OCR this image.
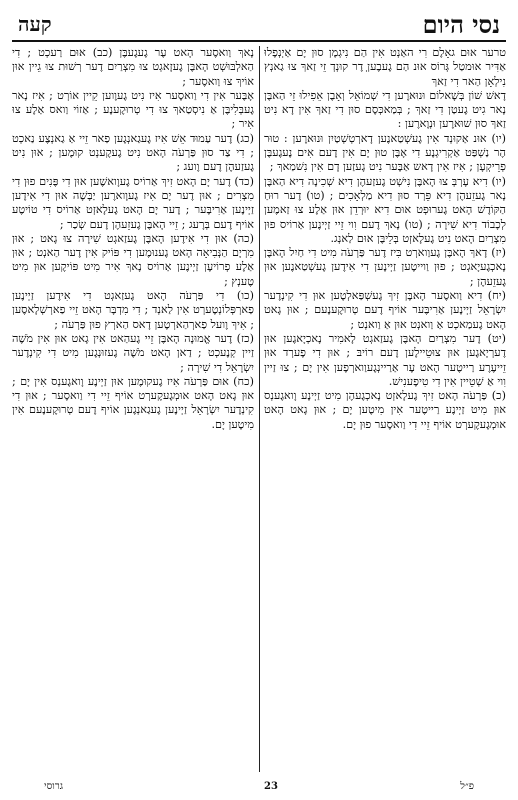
קעה	נסי היום

טרער אוּם גאָלֶם רִי האַנְט אִין הַם נִיגְמֶן סוּן יָם אַיְנְפֶלוּ אַדִּיר אוּמטַל גְּרוֹס אוּנ הַם גֶעבֶעןְ דֶר קוּנְדְ זֵי זַאךְ צוּ גַאנְץ נִילְאָן הַאר דִי זַאךְ

דָאשׁ שׁוֹן בְּשָׁאלוֹם וּנוּארֶען דִי שְׁמוֹאֵל וְאָבֶן אֵפִילוּ זֵי הַאבֶּן נָאר גִיט גֶעטַן דִי זַאךְ ; בְּמַאכְּסֶם סוּן דִי זַאךְ אִין דָא נִיט זַאךְ סוּן שׁוּארֶען וּנְוֶארֶען :

(יו) אוּנ אַקוּנְד אִין גֶעשְׁטַאנֶען דָארְטְשְׁטַיִן וּנוּארֶען : טוּר הֶר נַשְׁפַּט אַקְרִיגְנֶע דִי אָבֶּן טוּן יָם אִין דֶעם אִים נֶעגֶעבֶּן פְרֵיקְעָן ; אִיז אִין דָאש אַבֶּער נִיט גָעזַען דָם אִין נִשׁמַאךְ ;

(יו) דִיא עָרְבְּ צוּ הָאבֶּן נִישְׁט גֶעזַעהֶן דִיא שְׁכִינָה דִיא הַאבֶּן נָאר גֶעזֵעהֶן דִיא פֵּרְד סוּן דִיא מַלְאָכִים ; (טו) דֶער רוּחַ הַקּוֹדֶשׁ הָאט גֶערוּפְט אוּם דִיא יוּרְדֵן אוּן אַלֶע צוּ זַאמֶען לְכָבוֹד דִיא שִׁירָה ; (טו) נָאךְ דֶעם וִוי זֵיי זַיְינֶען אַרוֹיס פוּן מִצְרַיִם הָאט נִיט גֶעלָאזְט בְּלֵיבֶּן אוּם לַאנְג.

(יז) דָאךְ הָאבֶּן גֶעוַוארְט בִּיז דֶער פַּרְעֹה מִיט דִי חַיִל הָאבֶּן נָאכְגֶעיָאגְט ; פוּן וַוייטֶען זַיְינֶען דִי אִידֶען גֶעשְׁטַאנֶען אוּן גֶעזֵעהֶן ;

(יח) דִיא וַואסֶער הָאבֶּן זִיךְ גֶעשְׁפַּאלְטֶען אוּן דִי קִינְדֶער יִשְׂרָאֵל זַיְינֶען אַרִיבֶּער אוֹיף דֶעם טְרוּקֶענֶעם ; אוּן גָאט הָאט גֶעמַאכְט אַ וַואנְט אוּן אַ וַואנְט ;

(יט) דֶער מִצְרַיִם הָאבֶּן גֶעזַאגְט לָאמִיר נָאכְיָאגֶען אוּן דֶערְיָאגֶען אוּן צוּטֵיילֶען דֶעם רוֹיבּ ; אוּן דִי פֶערְד אוּן זֵייעֶרֶע רַייטֶער הָאט עֶר אַרַיינְגֶעוַוארְפֶען אִין יָם ; צוּ זַיין וִוי אַ שְׁטֵיין אִין דִי טִיפֶענִישׁ.

(כ) פַּרְעֹה הָאט זִיךְ גֶעלָאזְט נָאכְגֶעהֶן מִיט זַיְינֶע וָואגֶענְס אוּן מִיט זַיְינֶע רַייטֶער אִין מִיטֶען יָם ; אוּן גָאט הָאט אוּמְגֶעקֶערְט אוֹיף זֵיי דִי וַואסֶער פוּן יָם.

נָאךְ וַואסֶער הָאט עֶר גֶעגֶעבֶּן (כב) אוּם רַעכְט ; דִי הַאלְבּוּשְׁט הָאבֶּן גֶעזָאגְט צוּ מִצְרַיִם דֶער רְשׁוּת צוּ גֵיין אוּן אוֹיךְ צוּ וַואסֶער ;

אָבֶּער אִין דִי וַואסֶער אִיז נִיט גֶעוֶוען קֵיין אוֹרְט ; אִיז נָאר גֶעבְּלִיבֶּן אַ נִיסְטַאךְ צוּ דִי טְרוּקֶענֶע ; אַזוֹי וַואס אַלֶע צוּ אִיר ;

(כג) דֶער עַמוּד אֵשׁ אִיז גֶעגַאנְגֶען פַאר זֵיי אַ גַאנְצֶע נַאכְט ; דִי צַד סוּן פַּרְעֹה הָאט נִיט גֶעקֶענְט קוּמֶען ; אוּן נִיט גֶעזַעהֶן דֶעם וֶועג ;

(כד) דֶער יָם הָאט זִיךְ אַרוֹיס גֶעוָואשֶׁען אוּן דִי פֶּנִים פוּן דִי מִצְרִים ; אוּן דֶער יָם אִיז גֶעוָוארֶען יַבָּשָׁה אוּן דִי אִידֶען זַיְינֶען אַרִיבֶּער ; דֶער יָם הָאט גֶעלָאזְט אַרוֹיס דִי טוֹיטֶע אוֹיף דֶעם בְּרָעג ; זֵיי הָאבֶּן גֶעזֵעהֶן דֶעם שְׂכַר ;

(כה) אוּן דִי אִידֶען הָאבֶּן גֶעזַאגְט שִׁירָה צוּ גָאט ; אוּן מִרְיָם הַנְּבִיאָה הָאט גֶענוּמֶען דִי פּוֹיק אִין דֶער הַאנְט ; אוּן אַלֶע פְרוֹיעֶן זַיְינֶען אַרוֹיס נָאךְ אִיר מִיט פּוֹיקֶען אוּן מִיט טֶענְץ ;

(כו) דִי פַּרְעֹה הָאט גֶעזַאגְט דִי אִידֶען זַיְינֶען פַארְפְּלוֹנְטֶערְט אִין לַאנְד ; דִי מִדְבָּר הָאט זֵיי פַארְשְׁלָאסֶען ; אִיךְ וֶועל פַארְהַארְטֶען דָאס הַארְץ פוּן פַּרְעֹה ;

(כז) דֶער אֱמוּנָה הָאבֶּן זֵיי גֶעהַאט אִין גָאט אוּן אִין מֹשֶׁה זַיין קְנֶעכְט ; דַאן הָאט מֹשֶׁה גֶעזוּנְגֶען מִיט דִי קִינְדֶער יִשְׂרָאֵל דִי שִׁירָה ;

(כח) אוּם פַּרְעֹה אִיז גֶעקוּמֶען אוּן זַיְינֶע וָואגֶענְס אִין יָם ; אוּן גָאט הָאט אוּמְגֶעקֶערְט אוֹיף זֵיי דִי וַואסֶער ; אוּן דִי קִינְדֶער יִשְׂרָאֵל זַיְינֶען גֶעגַאנְגֶען אוֹיף דֶעם טְרוּקֶענֶעם אִין מִיטֶען יָם.

גרוסי	23	פ״ל
